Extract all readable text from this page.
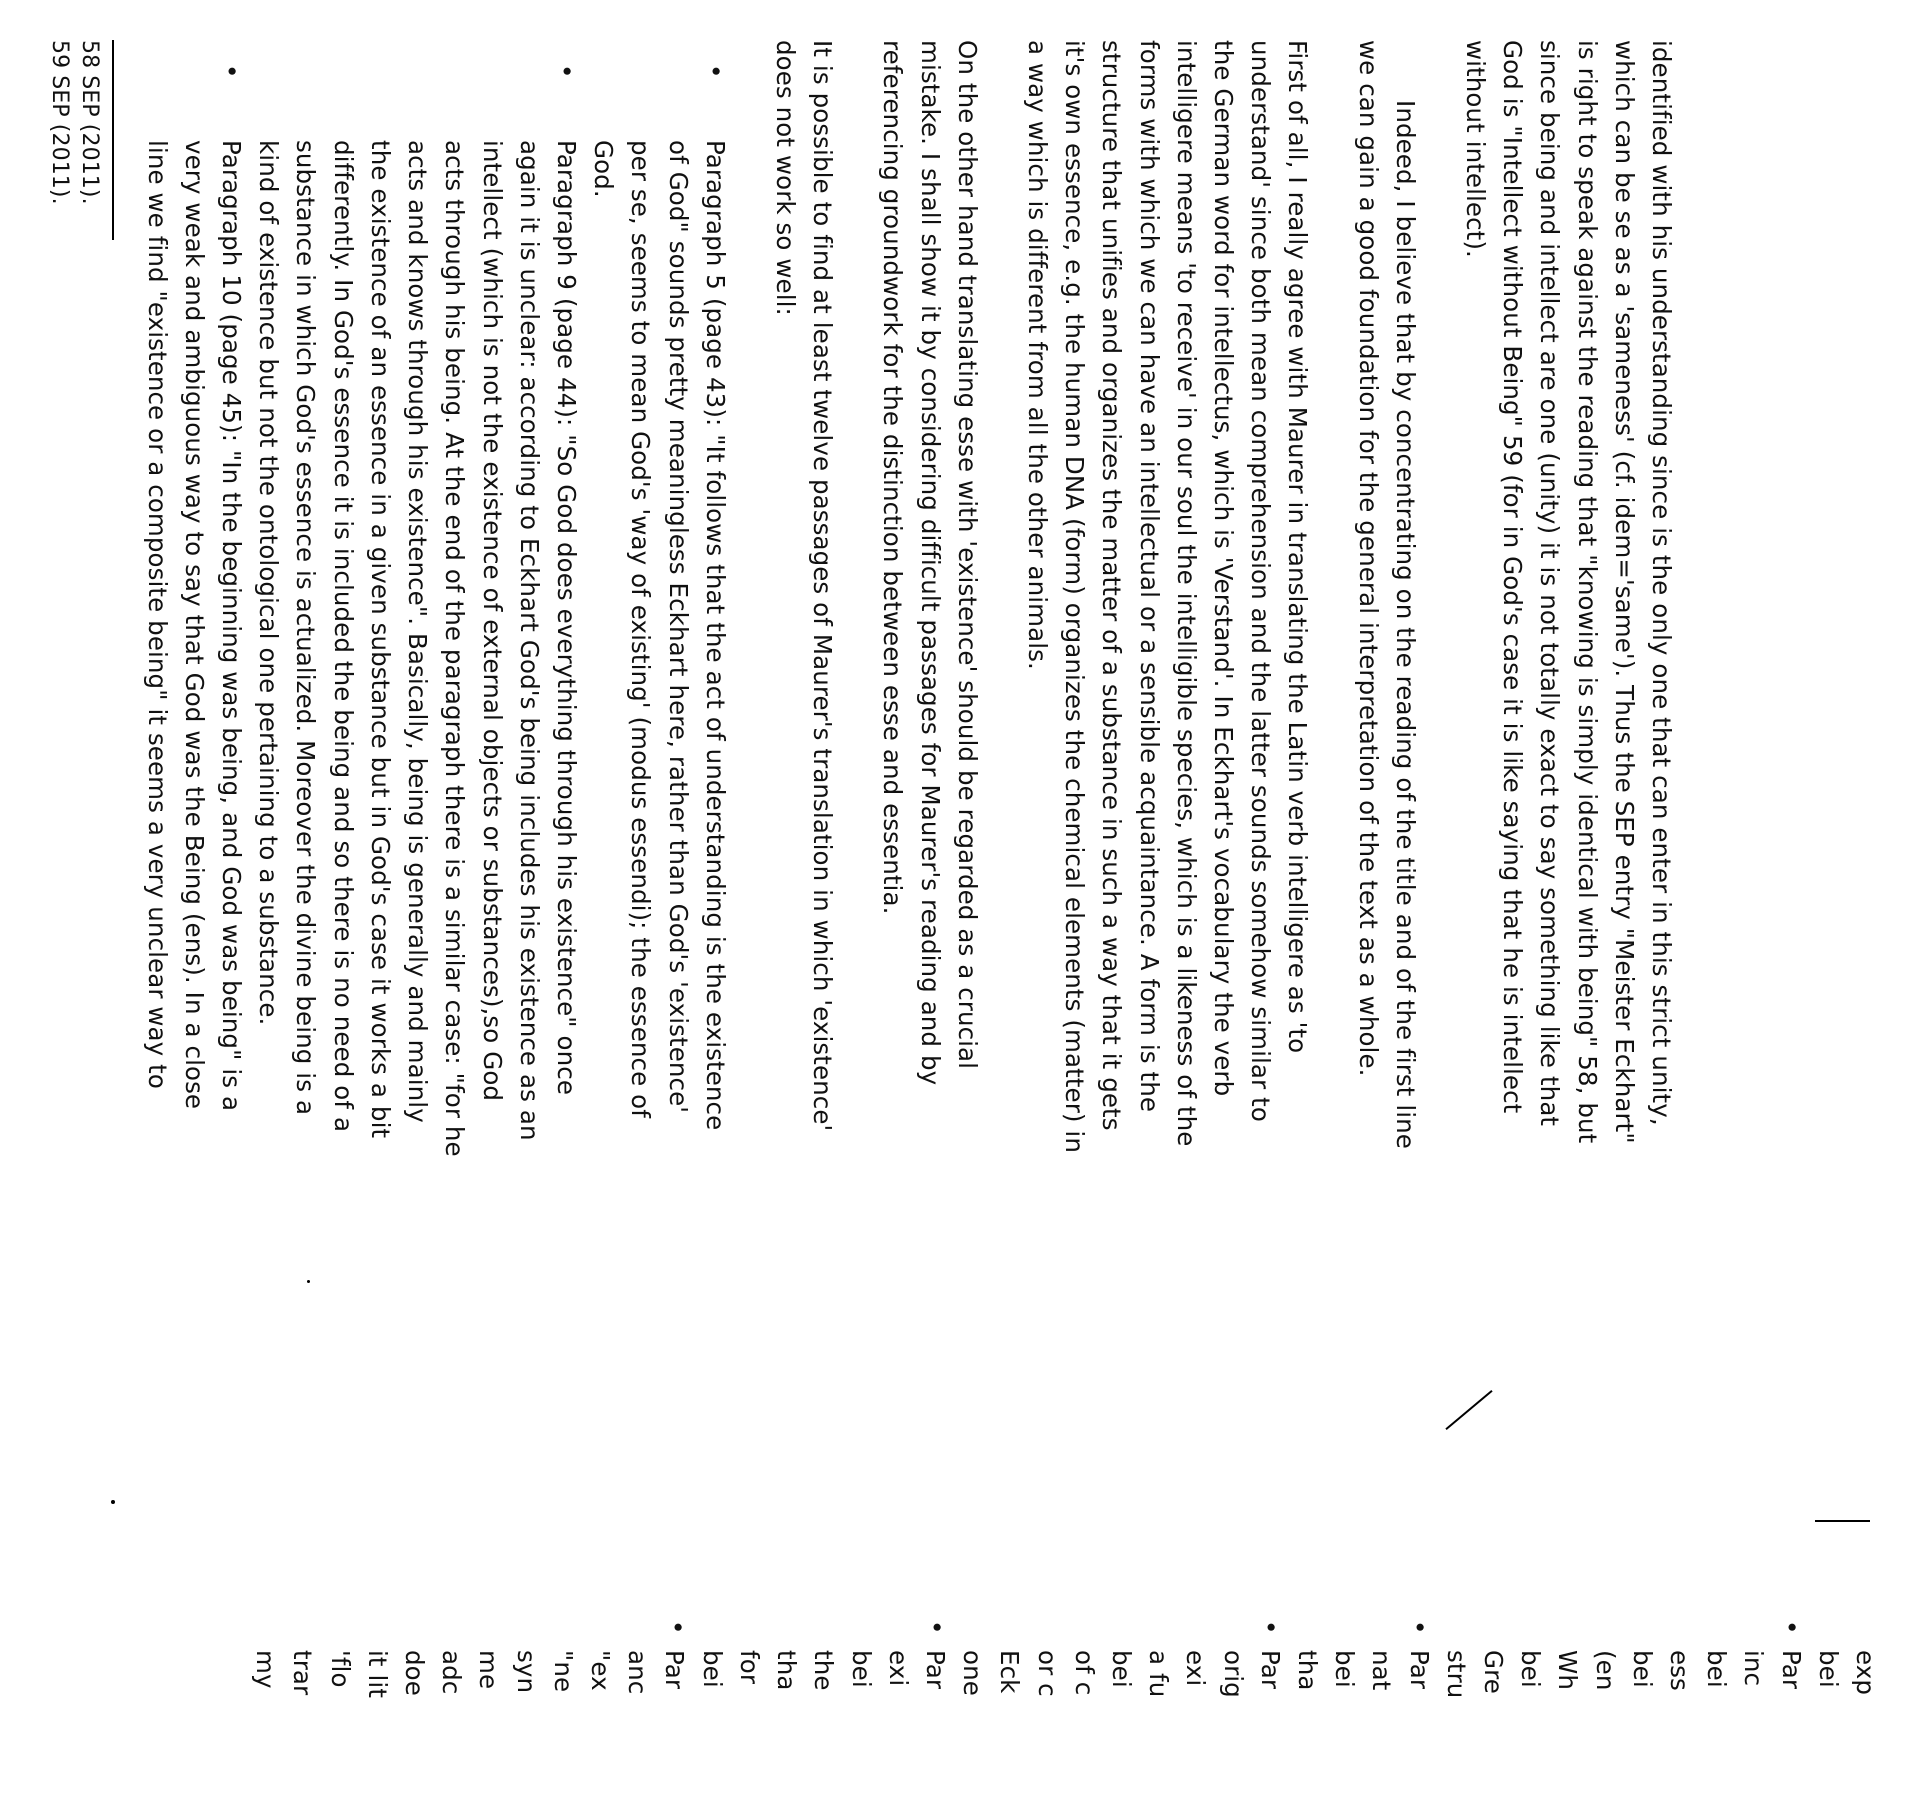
identified with his understanding since is the only one that can enter in this strict unity,
which can be se as a 'sameness' (cf. idem='same'). Thus the SEP entry "Meister Eckhart"
is right to speak against the reading that "knowing is simply identical with being" 58, but
since being and intellect are one (unity) it is not totally exact to say something like that
God is "Intellect without Being" 59 (for in God's case it is like saying that he is intellect
without intellect).

Indeed, I believe that by concentrating on the reading of the title and of the first line

we can gain a good foundation for the general interpretation of the text as a whole.

First of all, I really agree with Maurer in translating the Latin verb intelligere as 'to
understand' since both mean comprehension and the latter sounds somehow similar to
the German word for intellectus, which is 'Verstand'. In Eckhart's vocabulary the verb
intelligere means 'to receive' in our soul the intelligible species, which is a likeness of the
forms with which we can have an intellectual or a sensible acquaintance. A form is the
structure that unifies and organizes the matter of a substance in such a way that it gets
it's own essence, e.g. the human DNA (form) organizes the chemical elements (matter) in
a way which is different from all the other animals.

On the other hand translating esse with 'existence' should be regarded as a crucial
mistake. I shall show it by considering difficult passages for Maurer's reading and by
referencing groundwork for the distinction between esse and essentia.

It is possible to find at least twelve passages of Maurer's translation in which 'existence'
does not work so well:

•
Paragraph 5 (page 43): "It follows that the act of understanding is the existence
of God" sounds pretty meaningless Eckhart here, rather than God's 'existence'
per se, seems to mean God's 'way of existing' (modus essendi); the essence of
God.
•
Paragraph 9 (page 44): "So God does everything through his existence" once
again it is unclear: according to Eckhart God's being includes his existence as an
intellect (which is not the existence of external objects or substances),so God
acts through his being. At the end of the paragraph there is a similar case: "for he
acts and knows through his existence". Basically, being is generally and mainly
the existence of an essence in a given substance but in God's case it works a bit
differently. In God's essence it is included the being and so there is no need of a
substance in which God's essence is actualized. Moreover the divine being is a
kind of existence but not the ontological one pertaining to a substance.
•
Paragraph 10 (page 45): "In the beginning was being, and God was being" is a
very weak and ambiguous way to say that God was the Being (ens). In a close
line we find "existence or a composite being" it seems a very unclear way to
58 SEP (2011).
59 SEP (2011).
•
•
•
•
•
exp
bei
Par
inc
bei
ess
bei
(en
Wh
bei
Gre
stru
Par
nat
bei
tha
Par
orig
exi
a fu
bei
of c
or c
Eck
one
Par
exi
bei
the
tha
for
bei
Par
anc
"ex
"ne
syn
me
adc
doe
it lit
'flo
trar
my
